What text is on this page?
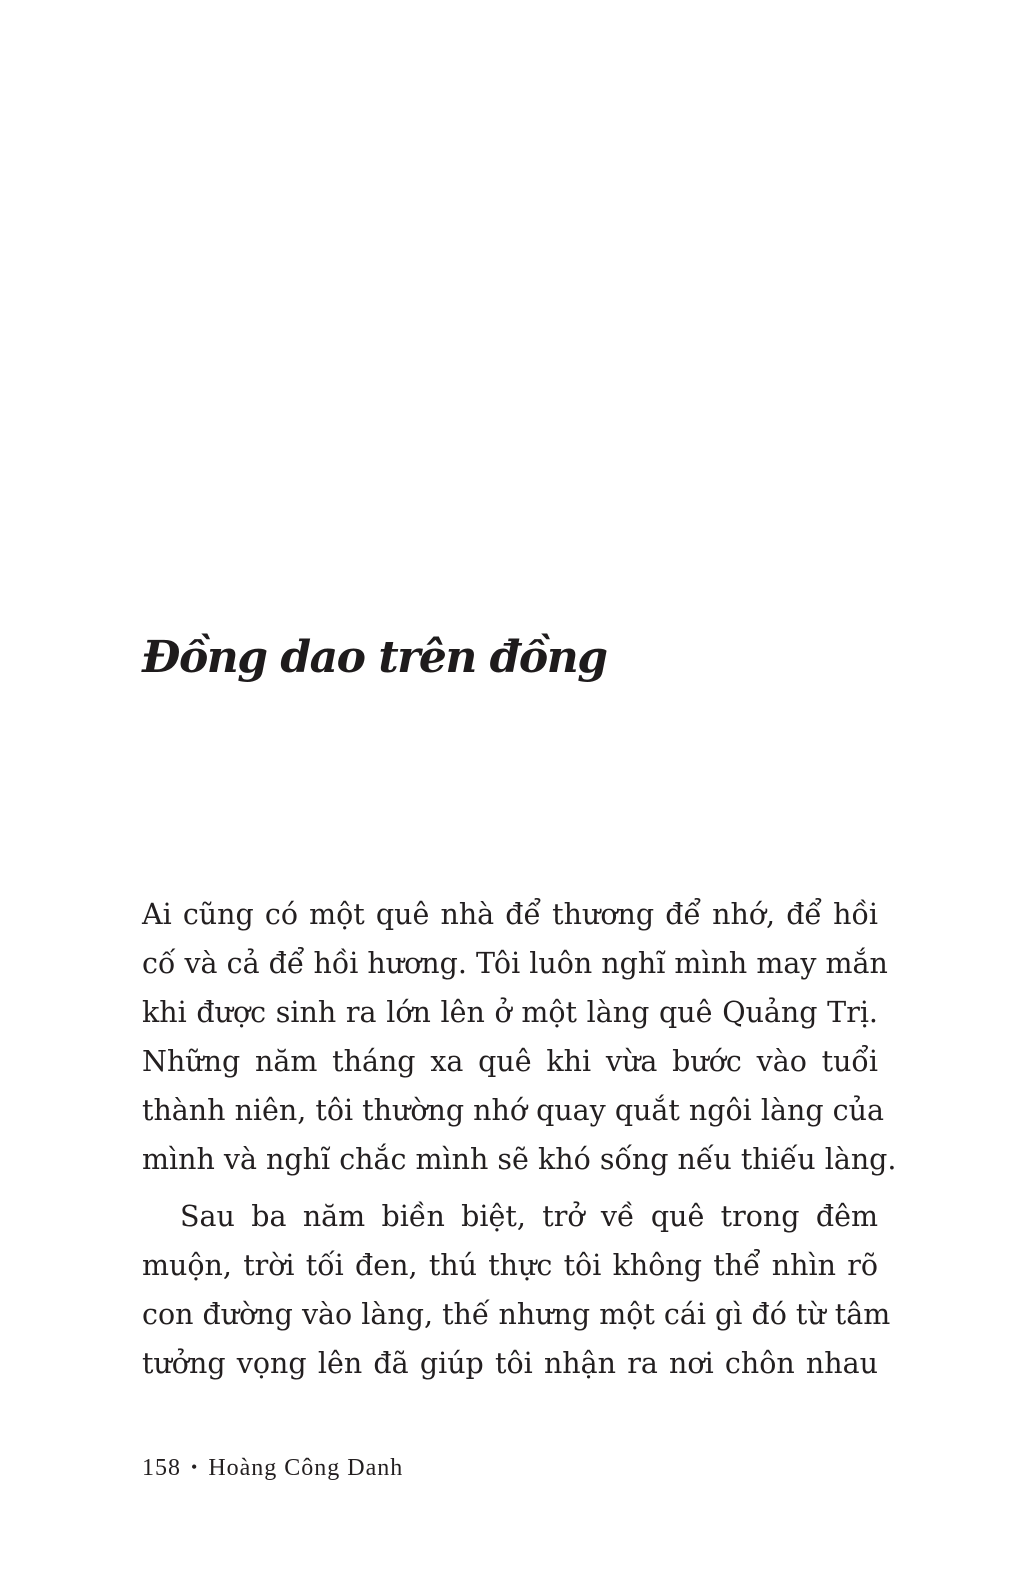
Đồng dao trên đồng

Ai cũng có một quê nhà để thương để nhớ, để hồi
cố và cả để hồi hương. Tôi luôn nghĩ mình may mắn
khi được sinh ra lớn lên ở một làng quê Quảng Trị.
Những năm tháng xa quê khi vừa bước vào tuổi
thành niên, tôi thường nhớ quay quắt ngôi làng của
mình và nghĩ chắc mình sẽ khó sống nếu thiếu làng.

Sau ba năm biền biệt, trở về quê trong đêm
muộn, trời tối đen, thú thực tôi không thể nhìn rõ
con đường vào làng, thế nhưng một cái gì đó từ tâm
tưởng vọng lên đã giúp tôi nhận ra nơi chôn nhau

158 • Hoàng Công Danh
